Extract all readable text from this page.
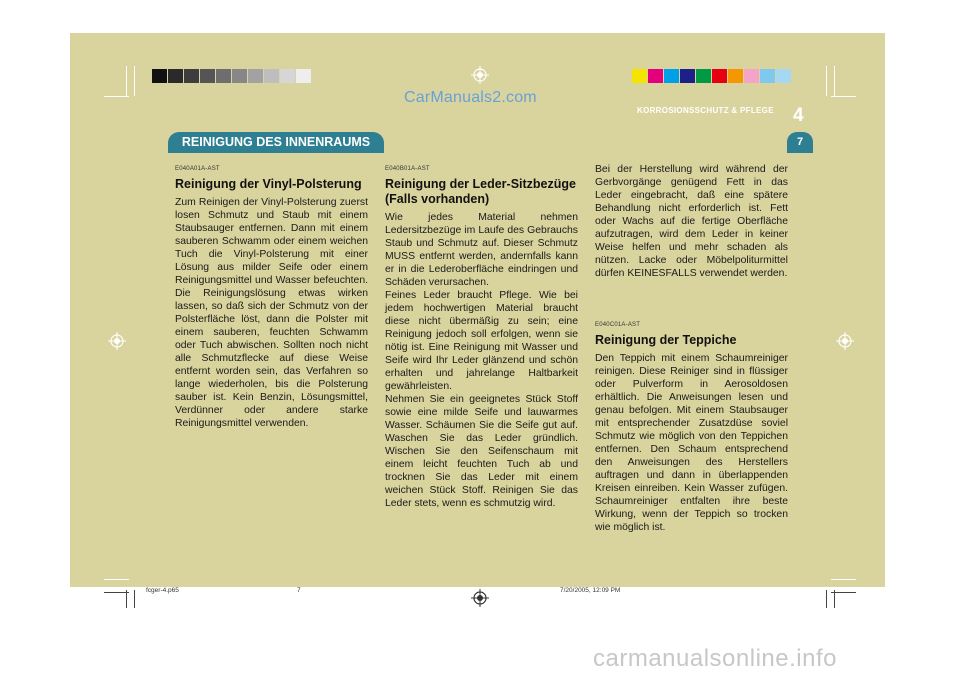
CarManuals2.com
KORROSIONSSCHUTZ & PFLEGE 4
REINIGUNG DES INNENRAUMS	7
E040A01A-AST
Reinigung der Vinyl-Polsterung

Zum Reinigen der Vinyl-Polsterung zuerst losen Schmutz und Staub mit einem Staubsauger entfernen. Dann mit einem sauberen Schwamm oder einem weichen Tuch die Vinyl-Polsterung mit einer Lösung aus milder Seife oder einem Reinigungsmittel und Wasser befeuchten. Die Reinigungslösung etwas wirken lassen, so daß sich der Schmutz von der Polsterfläche löst, dann die Polster mit einem sauberen, feuchten Schwamm oder Tuch abwischen. Sollten noch nicht alle Schmutzflecke auf diese Weise entfernt worden sein, das Verfahren so lange wiederholen, bis die Polsterung sauber ist. Kein Benzin, Lösungsmittel, Verdünner oder andere starke Reinigungsmittel verwenden.

E040B01A-AST
Reinigung der Leder-Sitzbezüge (Falls vorhanden)

Wie jedes Material nehmen Ledersitzbezüge im Laufe des Gebrauchs Staub und Schmutz auf. Dieser Schmutz MUSS entfernt werden, andernfalls kann er in die Lederoberfläche eindringen und Schäden verursachen.

Feines Leder braucht Pflege. Wie bei jedem hochwertigen Material braucht diese nicht übermäßig zu sein; eine Reinigung jedoch soll erfolgen, wenn sie nötig ist. Eine Reinigung mit Wasser und Seife wird Ihr Leder glänzend und schön erhalten und jahrelange Haltbarkeit gewährleisten.

Nehmen Sie ein geeignetes Stück Stoff sowie eine milde Seife und lauwarmes Wasser. Schäumen Sie die Seife gut auf. Waschen Sie das Leder gründlich. Wischen Sie den Seifenschaum mit einem leicht feuchten Tuch ab und trocknen Sie das Leder mit einem weichen Stück Stoff. Reinigen Sie das Leder stets, wenn es schmutzig wird.

Bei der Herstellung wird während der Gerbvorgänge genügend Fett in das Leder eingebracht, daß eine spätere Behandlung nicht erforderlich ist. Fett oder Wachs auf die fertige Oberfläche aufzutragen, wird dem Leder in keiner Weise helfen und mehr schaden als nützen. Lacke oder Möbelpoliturmittel dürfen KEINESFALLS verwendet werden.

E040C01A-AST
Reinigung der Teppiche

Den Teppich mit einem Schaumreiniger reinigen. Diese Reiniger sind in flüssiger oder Pulverform in Aerosoldosen erhältlich. Die Anweisungen lesen und genau befolgen. Mit einem Staubsauger mit entsprechender Zusatzdüse soviel Schmutz wie möglich von den Teppichen entfernen. Den Schaum entsprechend den Anweisungen des Herstellers auftragen und dann in überlappenden Kreisen einreiben. Kein Wasser zufügen. Schaumreiniger entfalten ihre beste Wirkung, wenn der Teppich so trocken wie möglich ist.

fcger-4.p65	7	7/20/2005, 12:09 PM
carmanualsonline.info
